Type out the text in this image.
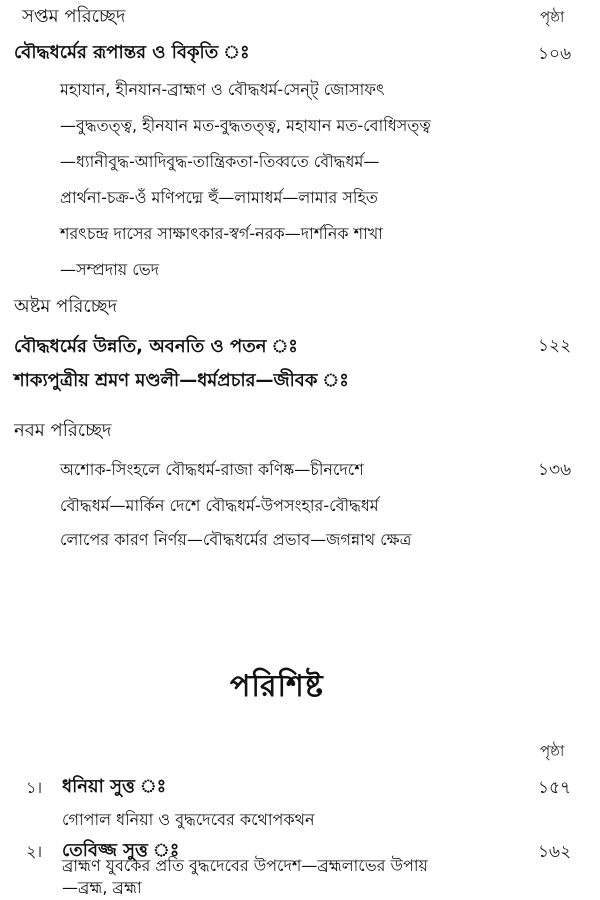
সপ্তম পরিচ্ছেদ	পৃষ্ঠা
বৌদ্ধধর্মের রূপান্তর ও বিকৃতি ঃ	১০৬
মহাযান, হীনযান-ব্রাহ্মণ ও বৌদ্ধধর্ম-সেন্ট্ জোসাফৎ
—বুদ্ধতত্ত্ব, হীনযান মত-বুদ্ধতত্ত্ব, মহাযান মত-বোধিসত্ত্ব
—ধ্যানীবুদ্ধ-আদিবুদ্ধ-তান্ত্রিকতা-তিব্বতে বৌদ্ধধর্ম—
প্রার্থনা-চক্র-ওঁ মণিপদ্মে হুঁ—লামাধর্ম—লামার সহিত
শরৎচন্দ্র দাসের সাক্ষাৎকার-স্বর্গ-নরক—দার্শনিক শাখা
—সম্প্রদায় ভেদ
অষ্টম পরিচ্ছেদ
বৌদ্ধধর্মের উন্নতি, অবনতি ও পতন ঃ	১২২
শাক্যপুত্রীয় শ্রমণ মণ্ডলী—ধর্মপ্রচার—জীবক ঃ
নবম পরিচ্ছেদ
অশোক-সিংহলে বৌদ্ধধর্ম-রাজা কণিষ্ক—চীনদেশে	১৩৬
বৌদ্ধধর্ম—মার্কিন দেশে বৌদ্ধধর্ম-উপসংহার-বৌদ্ধধর্ম
লোপের কারণ নির্ণয়—বৌদ্ধধর্মের প্রভাব—জগন্নাথ ক্ষেত্র
পরিশিষ্ট
পৃষ্ঠা
১। ধনিয়া সুত্ত ঃ	১৫৭
গোপাল ধনিয়া ও বুদ্ধদেবের কথোপকথন
২। তেবিজ্জ সুত্ত ঃ	১৬২
ব্রাহ্মণ যুবকের প্রতি বুদ্ধদেবের উপদেশ—ব্রহ্মলাভের উপায়
—ব্রহ্ম, ব্রহ্মা
